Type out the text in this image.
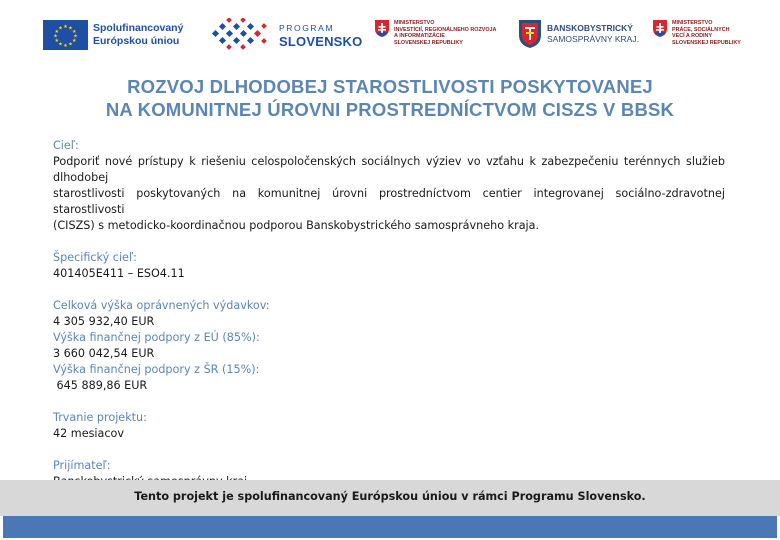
★ ★
★
★
★
★
★
★
★
★
★
★	Spolufinancovaný
Európskou úniou
PROGRAM
SLOVENSKO
MINISTERSTVO
INVESTÍCIÍ, REGIONÁLNEHO ROZVOJA
A INFORMATIZÁCIE
SLOVENSKEJ REPUBLIKY
BANSKOBYSTRICKÝ
SAMOSPRÁVNY KRAJ.
MINISTERSTVO
PRÁCE, SOCIÁLNYCH
VECÍ A RODINY
SLOVENSKEJ REPUBLIKY
ROZVOJ DLHODOBEJ STAROSTLIVOSTI POSKYTOVANEJ
NA KOMUNITNEJ ÚROVNI PROSTREDNÍCTVOM CISZS V BBSK
Cieľ:
Podporiť nové prístupy k riešeniu celospoločenských sociálnych výziev vo vzťahu k zabezpečeniu terénnych služieb dlhodobej
starostlivosti poskytovaných na komunitnej úrovni prostredníctvom centier integrovanej sociálno-zdravotnej starostlivosti
(CISZS) s metodicko-koordinačnou podporou Banskobystrického samosprávneho kraja.
Špecifický cieľ:
401405E411 – ESO4.11
Celková výška oprávnených výdavkov:
4 305 932,40 EUR
Výška finančnej podpory z EÚ (85%):
3 660 042,54 EUR
Výška finančnej podpory z ŠR (15%):
645 889,86 EUR
Trvanie projektu:
42 mesiacov
Prijímateľ:
Tento projekt je spolufinancovaný Európskou úniou v rámci Programu Slovensko.
